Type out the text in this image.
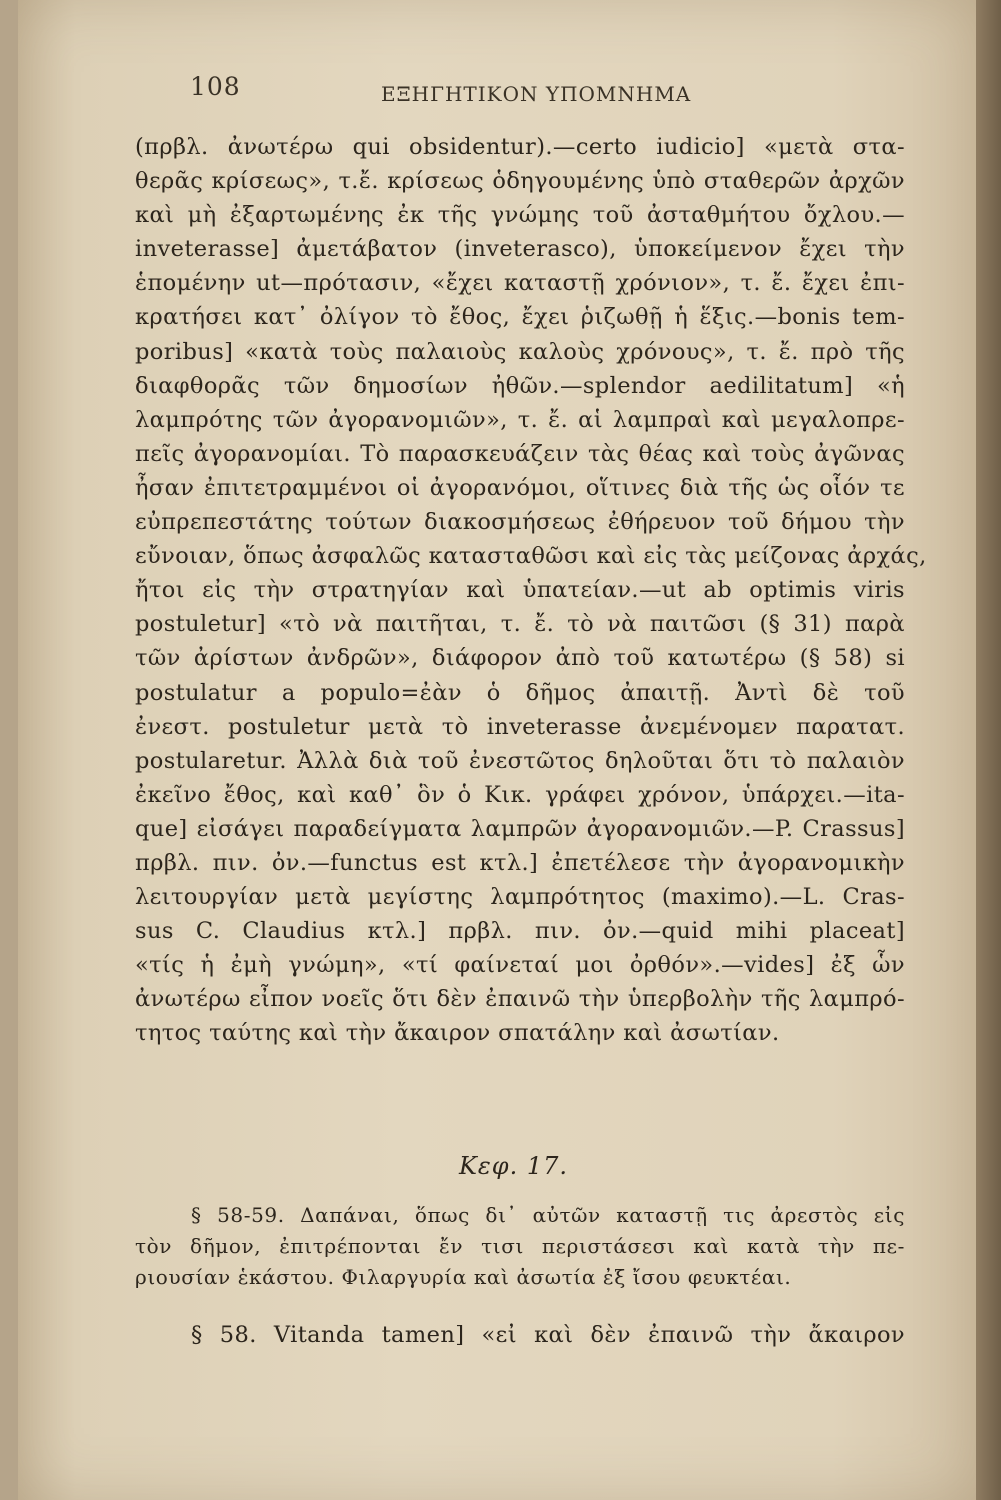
108	ΕΞΗΓΗΤΙΚΟΝ ΥΠΟΜΝΗΜΑ
(πρβλ. ἀνωτέρω qui obsidentur).—certo iudicio] «μετὰ στα-
θερᾶς κρίσεως», τ.ἔ. κρίσεως ὁδηγουμένης ὑπὸ σταθερῶν ἀρχῶν
καὶ μὴ ἐξαρτωμένης ἐκ τῆς γνώμης τοῦ ἀσταθμήτου ὄχλου.—
inveterasse] ἀμετάβατον (inveterasco), ὑποκείμενον ἔχει τὴν
ἑπομένην ut—πρότασιν, «ἔχει καταστῇ χρόνιον», τ. ἔ. ἔχει ἐπι-
κρατήσει κατ᾽ ὀλίγον τὸ ἔθος, ἔχει ῥιζωθῇ ἡ ἕξις.—bonis tem-
poribus] «κατὰ τοὺς παλαιοὺς καλοὺς χρόνους», τ. ἔ. πρὸ τῆς
διαφθορᾶς τῶν δημοσίων ἠθῶν.—splendor aedilitatum] «ἡ
λαμπρότης τῶν ἀγορανομιῶν», τ. ἔ. αἱ λαμπραὶ καὶ μεγαλοπρε-
πεῖς ἀγορανομίαι. Τὸ παρασκευάζειν τὰς θέας καὶ τοὺς ἀγῶνας
ἦσαν ἐπιτετραμμένοι οἱ ἀγορανόμοι, οἵτινες διὰ τῆς ὡς οἷόν τε
εὐπρεπεστάτης τούτων διακοσμήσεως ἐθήρευον τοῦ δήμου τὴν
εὔνοιαν, ὅπως ἀσφαλῶς κατασταθῶσι καὶ εἰς τὰς μείζονας ἀρχάς,
ἤτοι εἰς τὴν στρατηγίαν καὶ ὑπατείαν.—ut ab optimis viris
postuletur] «τὸ νὰ παιτῆται, τ. ἔ. τὸ νὰ παιτῶσι (§ 31) παρὰ
τῶν ἀρίστων ἀνδρῶν», διάφορον ἀπὸ τοῦ κατωτέρω (§ 58) si
postulatur a populo=ἐὰν ὁ δῆμος ἀπαιτῇ. Ἀντὶ δὲ τοῦ
ἐνεστ. postuletur μετὰ τὸ inveterasse ἀνεμένομεν παρατατ.
postularetur. Ἀλλὰ διὰ τοῦ ἐνεστῶτος δηλοῦται ὅτι τὸ παλαιὸν
ἐκεῖνο ἔθος, καὶ καθ᾽ ὃν ὁ Κικ. γράφει χρόνον, ὑπάρχει.—ita-
que] εἰσάγει παραδείγματα λαμπρῶν ἀγορανομιῶν.—P. Crassus]
πρβλ. πιν. ὀν.—functus est κτλ.] ἐπετέλεσε τὴν ἀγορανομικὴν
λειτουργίαν μετὰ μεγίστης λαμπρότητος (maximo).—L. Cras-
sus C. Claudius κτλ.] πρβλ. πιν. ὀν.—quid mihi placeat]
«τίς ἡ ἐμὴ γνώμη», «τί φαίνεταί μοι ὀρθόν».—vides] ἐξ ὧν
ἀνωτέρω εἶπον νοεῖς ὅτι δὲν ἐπαινῶ τὴν ὑπερβολὴν τῆς λαμπρό-
τητος ταύτης καὶ τὴν ἄκαιρον σπατάλην καὶ ἀσωτίαν.
Κεφ. 17.
§ 58-59. Δαπάναι, ὅπως δι᾽ αὐτῶν καταστῇ τις ἀρεστὸς εἰς
τὸν δῆμον, ἐπιτρέπονται ἔν τισι περιστάσεσι καὶ κατὰ τὴν πε-
ριουσίαν ἑκάστου. Φιλαργυρία καὶ ἀσωτία ἐξ ἴσου φευκτέαι.
§ 58. Vitanda tamen] «εἰ καὶ δὲν ἐπαινῶ τὴν ἄκαιρον
